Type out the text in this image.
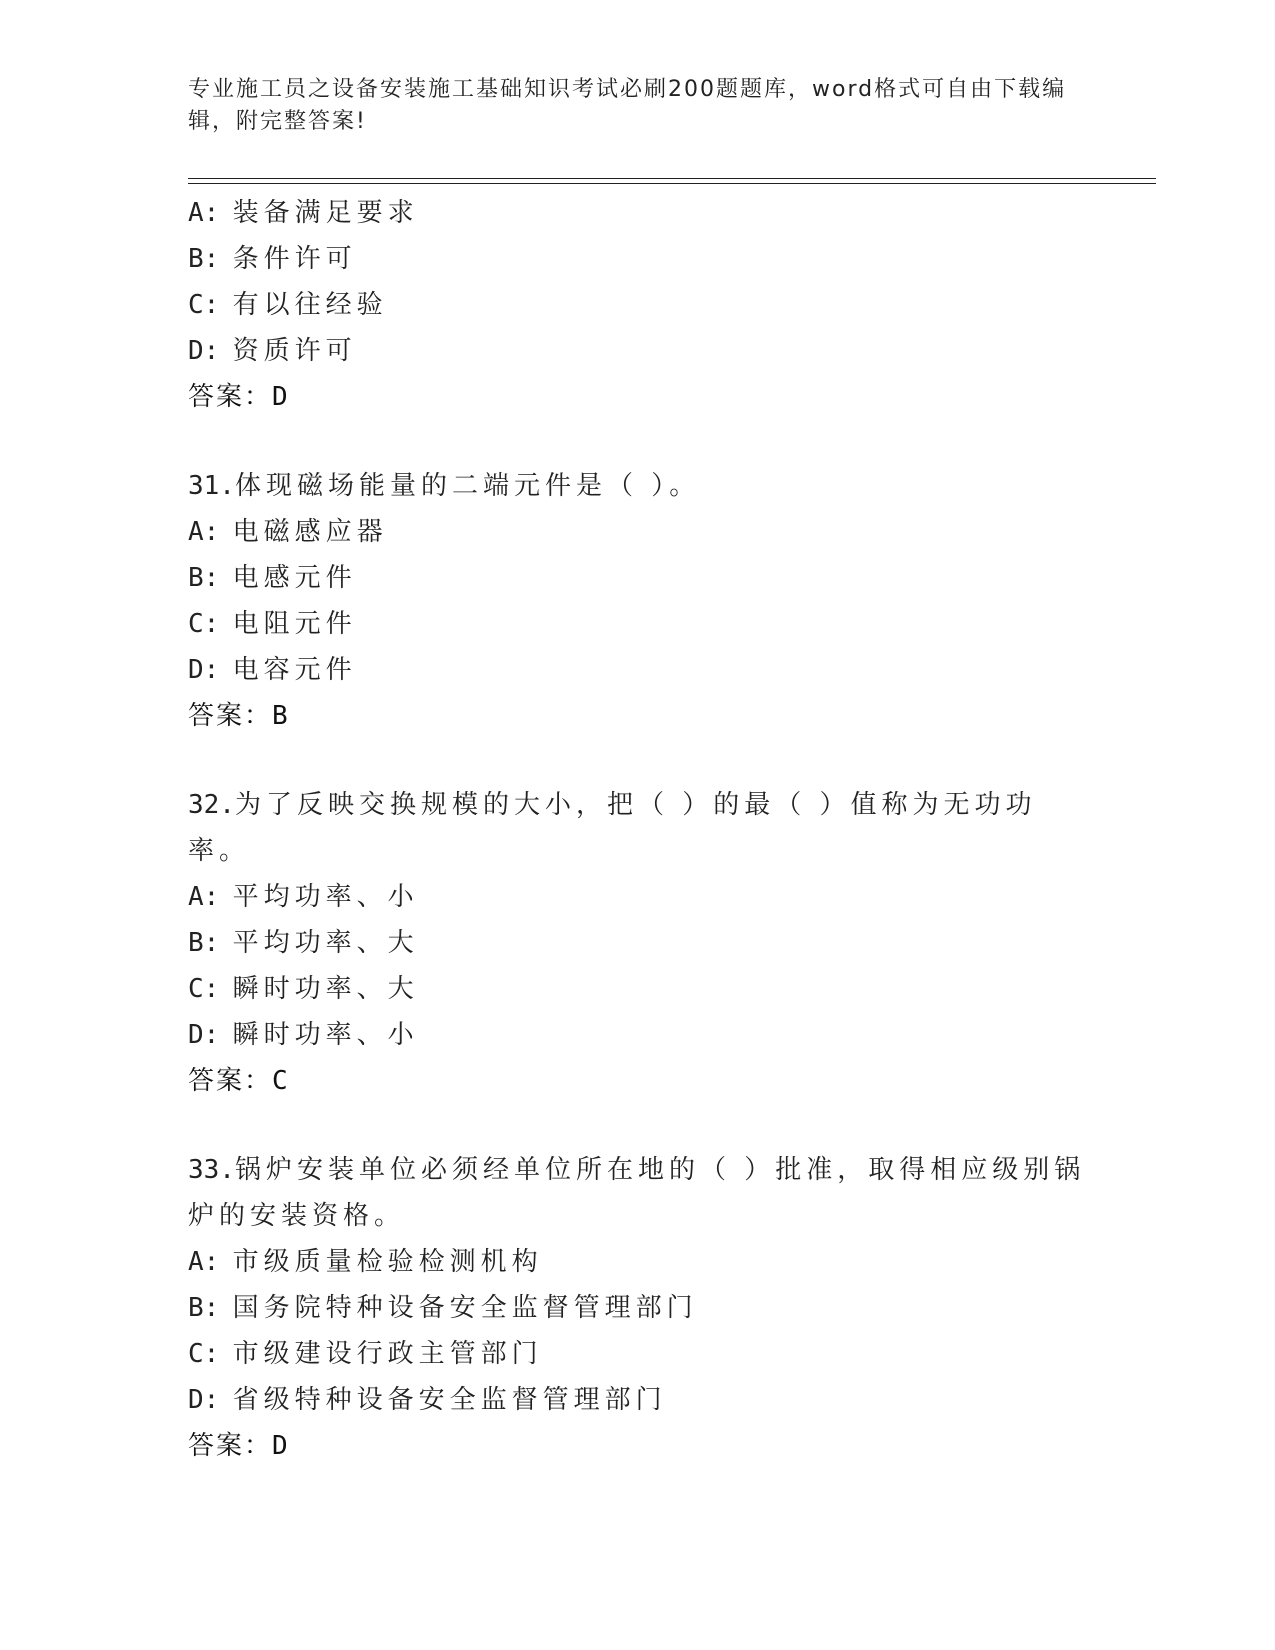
专业施工员之设备安装施工基础知识考试必刷200题题库，word格式可自由下载编辑，附完整答案!
A: 装备满足要求
B: 条件许可
C: 有以往经验
D: 资质许可
答案：D
31.体现磁场能量的二端元件是（ ）。
A: 电磁感应器
B: 电感元件
C: 电阻元件
D: 电容元件
答案：B
32.为了反映交换规模的大小，把（ ）的最（ ）值称为无功功率。
A: 平均功率、小
B: 平均功率、大
C: 瞬时功率、大
D: 瞬时功率、小
答案：C
33.锅炉安装单位必须经单位所在地的（ ）批准，取得相应级别锅炉的安装资格。
A: 市级质量检验检测机构
B: 国务院特种设备安全监督管理部门
C: 市级建设行政主管部门
D: 省级特种设备安全监督管理部门
答案：D
